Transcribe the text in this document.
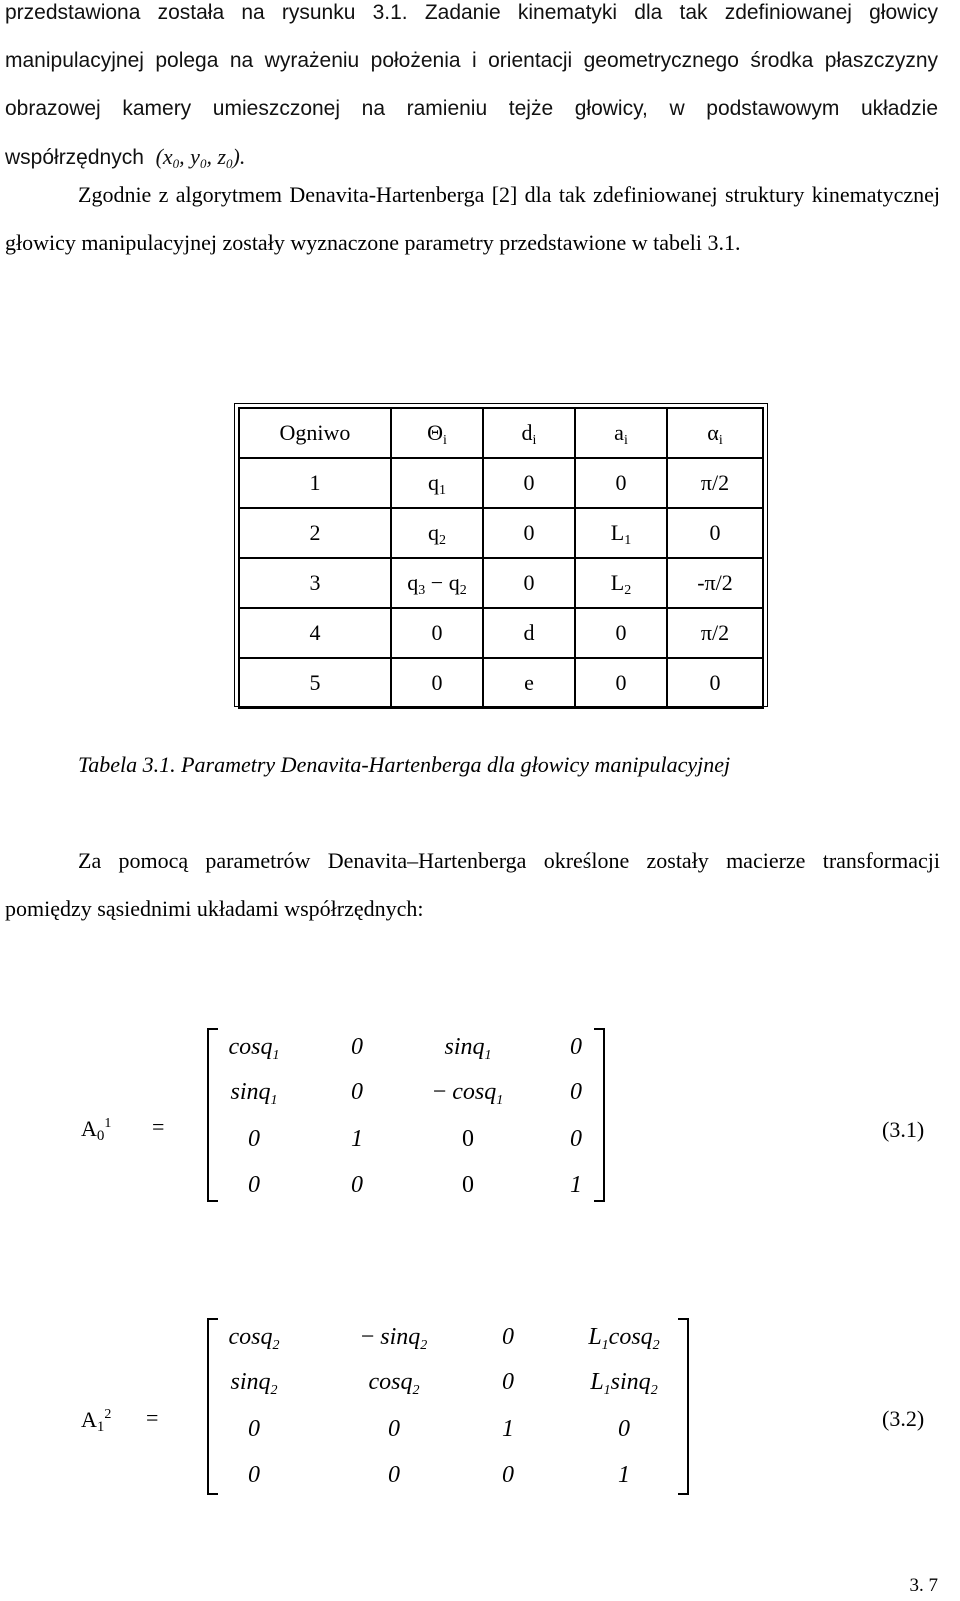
przedstawiona została na rysunku 3.1. Zadanie kinematyki dla tak zdefiniowanej głowicy manipulacyjnej polega na wyrażeniu położenia i orientacji geometrycznego środka płaszczyzny obrazowej kamery umieszczonej na ramieniu tejże głowicy, w podstawowym układzie współrzędnych ($x_0$, $y_0$, $z_0$).
Zgodnie z algorytmem Denavita-Hartenberga [2] dla tak zdefiniowanej struktury kinematycznej głowicy manipulacyjnej zostały wyznaczone parametry przedstawione w tabeli 3.1.
Ogniwo	$\Theta_i$	$d_i$	$a_i$	$\alpha_i$
1	$q_1$	0	0	π/2
2	$q_2$	0	$L_1$	0
3	$q_3 - q_2$	0	$L_2$	-π/2
4	0	d	0	π/2
5	0	e	0	0
Tabela 3.1. Parametry Denavita-Hartenberga dla głowicy manipulacyjnej
Za pomocą parametrów Denavita–Hartenberga określone zostały macierze transformacji pomiędzy sąsiednimi układami współrzędnych:
$A_0^1$ =
cosq$_1$	0	sinq$_1$	0
sinq$_1$	0	− cosq$_1$	0
0	1	0	0
0	0	0	1
(3.1)
$A_1^2$ =
cosq$_2$	− sinq$_2$	0	$L_1\cos q_2$
sinq$_2$	cosq$_2$	0	$L_1\sin q_2$
0	0	1	0
0	0	0	1
(3.2)
3. 7
